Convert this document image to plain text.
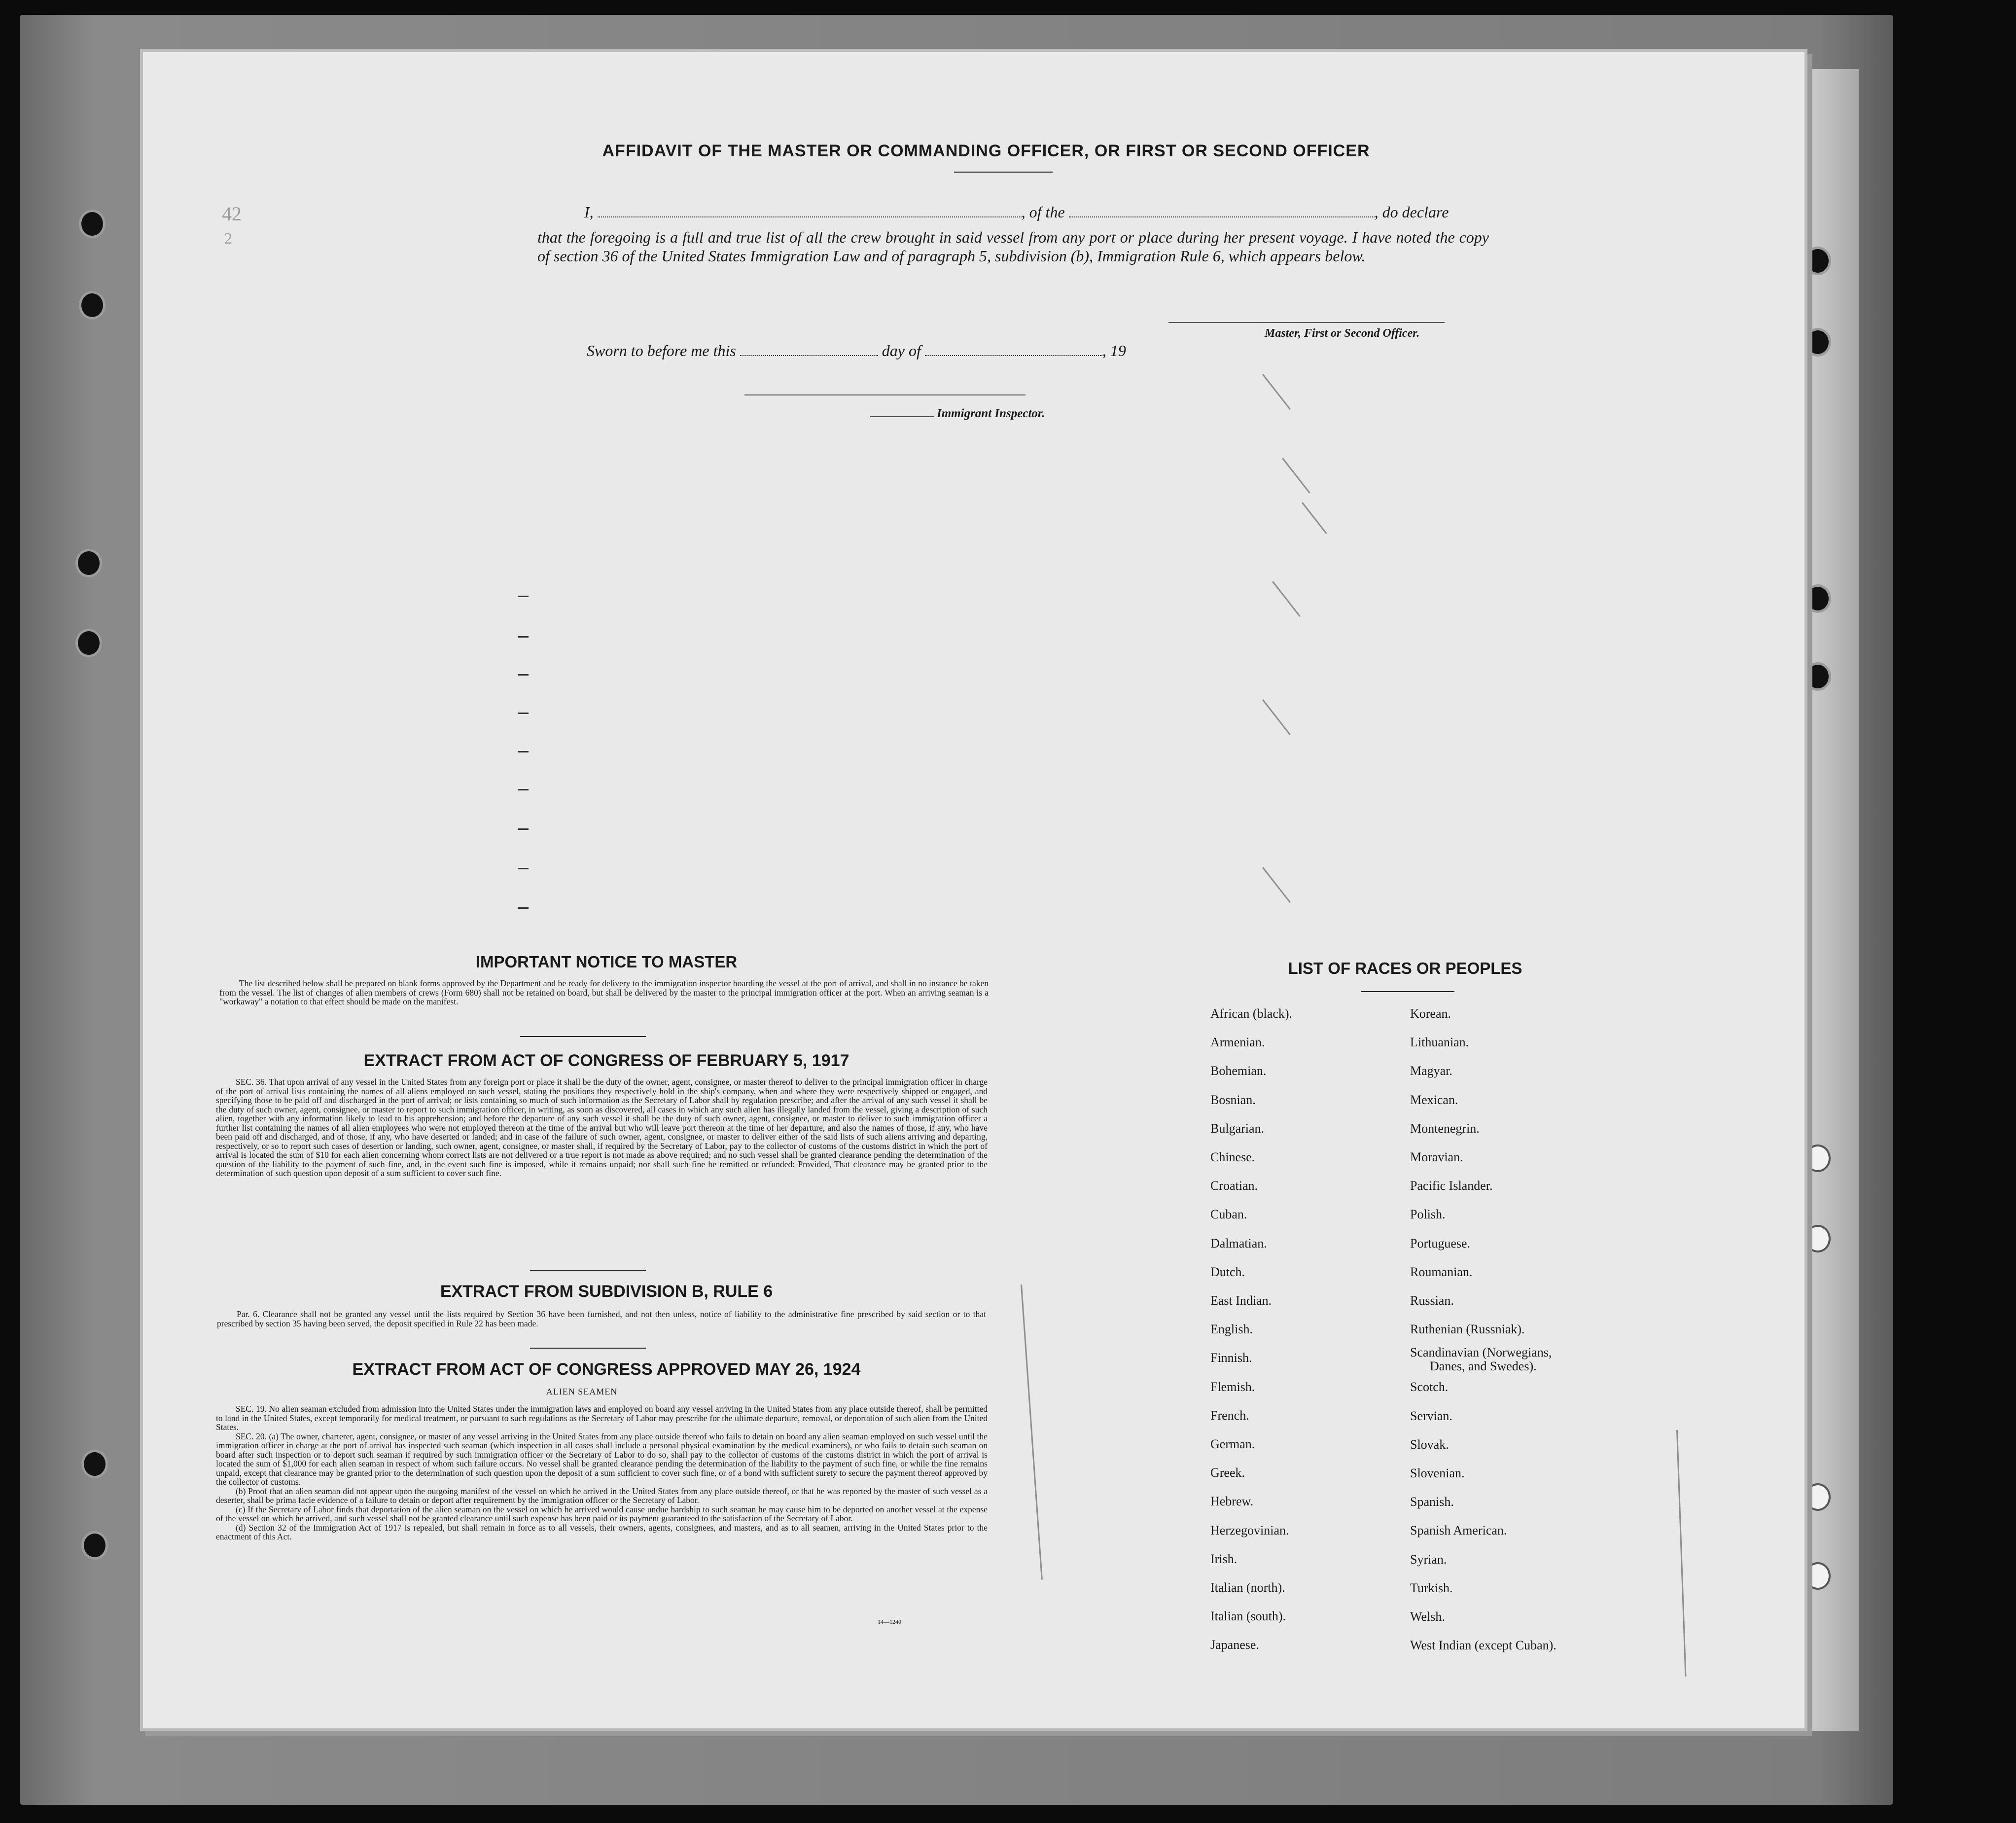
42
2
AFFIDAVIT OF THE MASTER OR COMMANDING OFFICER, OR FIRST OR SECOND OFFICER
I,	, of the	, do declare
that the foregoing is a full and true list of all the crew brought in said vessel from any port or place during her present voyage. I have noted the copy of section 36 of the United States Immigration Law and of paragraph 5, subdivision (b), Immigration Rule 6, which appears below.
Master, First or Second Officer.
Sworn to before me this	day of	, 19
Immigrant Inspector.
IMPORTANT NOTICE TO MASTER

The list described below shall be prepared on blank forms approved by the Department and be ready for delivery to the immigration inspector boarding the vessel at the port of arrival, and shall in no instance be taken from the vessel. The list of changes of alien members of crews (Form 680) shall not be retained on board, but shall be delivered by the master to the principal immigration officer at the port. When an arriving seaman is a "workaway" a notation to that effect should be made on the manifest.

EXTRACT FROM ACT OF CONGRESS OF FEBRUARY 5, 1917

SEC. 36. That upon arrival of any vessel in the United States from any foreign port or place it shall be the duty of the owner, agent, consignee, or master thereof to deliver to the principal immigration officer in charge of the port of arrival lists containing the names of all aliens employed on such vessel, stating the positions they respectively hold in the ship's company, when and where they were respectively shipped or engaged, and specifying those to be paid off and discharged in the port of arrival; or lists containing so much of such information as the Secretary of Labor shall by regulation prescribe; and after the arrival of any such vessel it shall be the duty of such owner, agent, consignee, or master to report to such immigration officer, in writing, as soon as discovered, all cases in which any such alien has illegally landed from the vessel, giving a description of such alien, together with any information likely to lead to his apprehension; and before the departure of any such vessel it shall be the duty of such owner, agent, consignee, or master to deliver to such immigration officer a further list containing the names of all alien employees who were not employed thereon at the time of the arrival but who will leave port thereon at the time of her departure, and also the names of those, if any, who have been paid off and discharged, and of those, if any, who have deserted or landed; and in case of the failure of such owner, agent, consignee, or master to deliver either of the said lists of such aliens arriving and departing, respectively, or so to report such cases of desertion or landing, such owner, agent, consignee, or master shall, if required by the Secretary of Labor, pay to the collector of customs of the customs district in which the port of arrival is located the sum of $10 for each alien concerning whom correct lists are not delivered or a true report is not made as above required; and no such vessel shall be granted clearance pending the determination of the question of the liability to the payment of such fine, and, in the event such fine is imposed, while it remains unpaid; nor shall such fine be remitted or refunded: Provided, That clearance may be granted prior to the determination of such question upon deposit of a sum sufficient to cover such fine.

EXTRACT FROM SUBDIVISION B, RULE 6

Par. 6. Clearance shall not be granted any vessel until the lists required by Section 36 have been furnished, and not then unless, notice of liability to the administrative fine prescribed by said section or to that prescribed by section 35 having been served, the deposit specified in Rule 22 has been made.

EXTRACT FROM ACT OF CONGRESS APPROVED MAY 26, 1924
ALIEN SEAMEN

SEC. 19. No alien seaman excluded from admission into the United States under the immigration laws and employed on board any vessel arriving in the United States from any place outside thereof, shall be permitted to land in the United States, except temporarily for medical treatment, or pursuant to such regulations as the Secretary of Labor may prescribe for the ultimate departure, removal, or deportation of such alien from the United States.

SEC. 20. (a) The owner, charterer, agent, consignee, or master of any vessel arriving in the United States from any place outside thereof who fails to detain on board any alien seaman employed on such vessel until the immigration officer in charge at the port of arrival has inspected such seaman (which inspection in all cases shall include a personal physical examination by the medical examiners), or who fails to detain such seaman on board after such inspection or to deport such seaman if required by such immigration officer or the Secretary of Labor to do so, shall pay to the collector of customs of the customs district in which the port of arrival is located the sum of $1,000 for each alien seaman in respect of whom such failure occurs. No vessel shall be granted clearance pending the determination of the liability to the payment of such fine, or while the fine remains unpaid, except that clearance may be granted prior to the determination of such question upon the deposit of a sum sufficient to cover such fine, or of a bond with sufficient surety to secure the payment thereof approved by the collector of customs.

(b) Proof that an alien seaman did not appear upon the outgoing manifest of the vessel on which he arrived in the United States from any place outside thereof, or that he was reported by the master of such vessel as a deserter, shall be prima facie evidence of a failure to detain or deport after requirement by the immigration officer or the Secretary of Labor.

(c) If the Secretary of Labor finds that deportation of the alien seaman on the vessel on which he arrived would cause undue hardship to such seaman he may cause him to be deported on another vessel at the expense of the vessel on which he arrived, and such vessel shall not be granted clearance until such expense has been paid or its payment guaranteed to the satisfaction of the Secretary of Labor.

(d) Section 32 of the Immigration Act of 1917 is repealed, but shall remain in force as to all vessels, their owners, agents, consignees, and masters, and as to all seamen, arriving in the United States prior to the enactment of this Act.

14—1240
LIST OF RACES OR PEOPLES
African (black).
Armenian.
Bohemian.
Bosnian.
Bulgarian.
Chinese.
Croatian.
Cuban.
Dalmatian.
Dutch.
East Indian.
English.
Finnish.
Flemish.
French.
German.
Greek.
Hebrew.
Herzegovinian.
Irish.
Italian (north).
Italian (south).
Japanese.
Korean.
Lithuanian.
Magyar.
Mexican.
Montenegrin.
Moravian.
Pacific Islander.
Polish.
Portuguese.
Roumanian.
Russian.
Ruthenian (Russniak).
Scandinavian (Norwegians,
Danes, and Swedes).
Scotch.
Servian.
Slovak.
Slovenian.
Spanish.
Spanish American.
Syrian.
Turkish.
Welsh.
West Indian (except Cuban).
